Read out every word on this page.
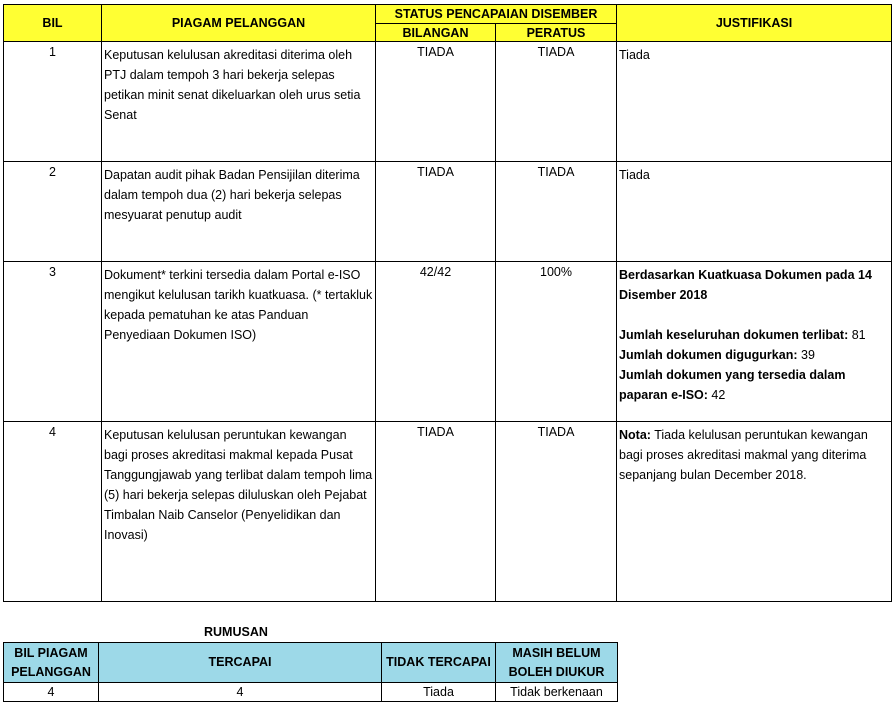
BIL	PIAGAM PELANGGAN	STATUS PENCAPAIAN DISEMBER		JUSTIFIKASI
		BILANGAN	PERATUS	
1	Keputusan kelulusan akreditasi diterima oleh PTJ dalam tempoh 3 hari bekerja selepas petikan minit senat dikeluarkan oleh urus setia Senat	TIADA	TIADA	Tiada
2	Dapatan audit pihak Badan Pensijilan diterima dalam tempoh dua (2) hari bekerja selepas mesyuarat penutup audit	TIADA	TIADA	Tiada
3	Dokument* terkini tersedia dalam Portal e-ISO mengikut kelulusan tarikh kuatkuasa. (* tertakluk kepada pematuhan ke atas Panduan Penyediaan Dokumen ISO)	42/42	100%	Berdasarkan Kuatkuasa Dokumen pada 14 Disember 2018
Jumlah keseluruhan dokumen terlibat: 81
Jumlah dokumen digugurkan: 39
Jumlah dokumen yang tersedia dalam paparan e-ISO: 42

4	Keputusan kelulusan peruntukan kewangan bagi proses akreditasi makmal kepada Pusat Tanggungjawab yang terlibat dalam tempoh lima (5) hari bekerja selepas diluluskan oleh Pejabat Timbalan Naib Canselor (Penyelidikan dan Inovasi)	TIADA	TIADA	Nota: Tiada kelulusan peruntukan kewangan bagi proses akreditasi makmal yang diterima sepanjang bulan December 2018.
RUMUSAN
BIL PIAGAM PELANGGAN	TERCAPAI	TIDAK TERCAPAI	MASIH BELUM BOLEH DIUKUR
4	4	Tiada	Tidak berkenaan
